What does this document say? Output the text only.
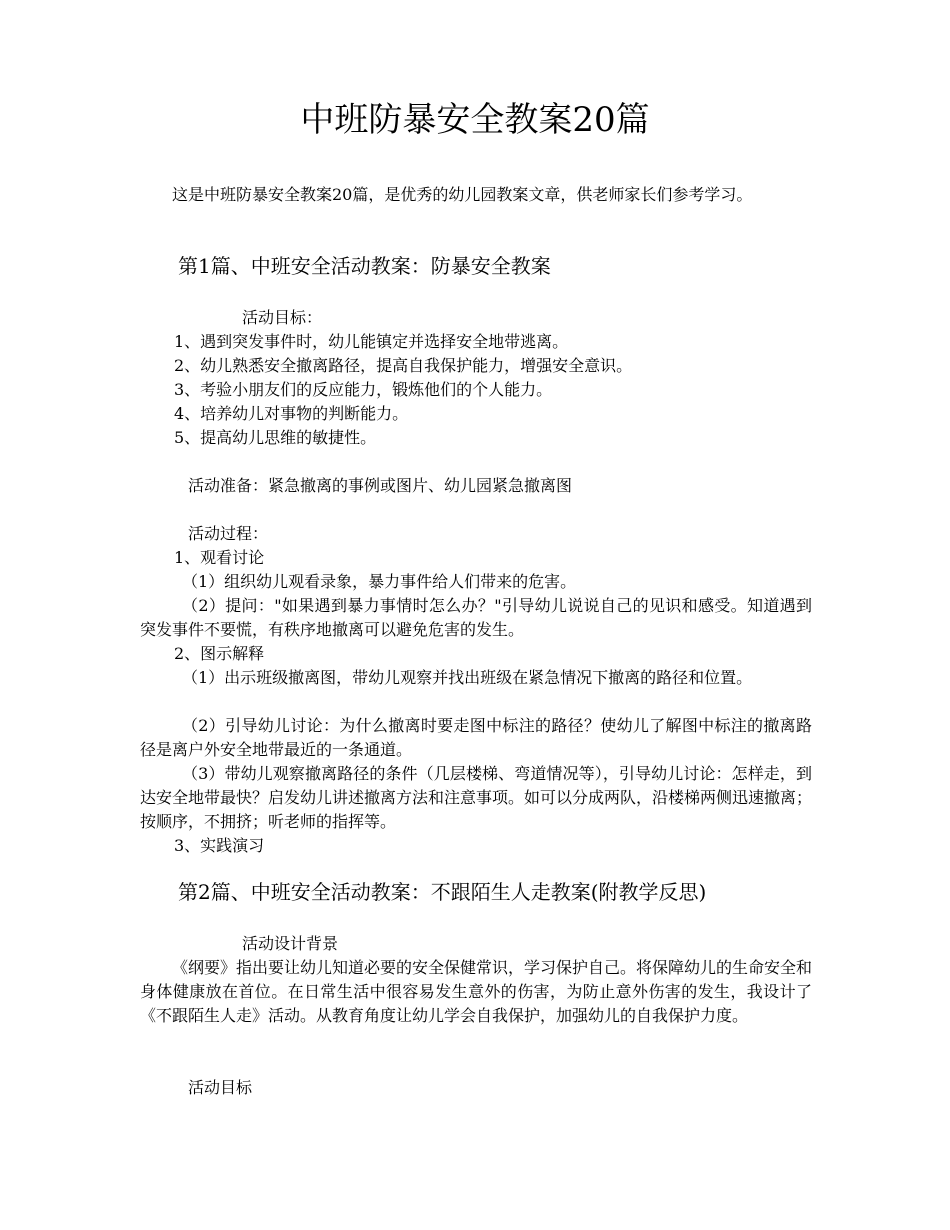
中班防暴安全教案20篇

这是中班防暴安全教案20篇，是优秀的幼儿园教案文章，供老师家长们参考学习。

第1篇、中班安全活动教案：防暴安全教案

活动目标：

1、遇到突发事件时，幼儿能镇定并选择安全地带逃离。

2、幼儿熟悉安全撤离路径，提高自我保护能力，增强安全意识。

3、考验小朋友们的反应能力，锻炼他们的个人能力。

4、培养幼儿对事物的判断能力。

5、提高幼儿思维的敏捷性。

活动准备：紧急撤离的事例或图片、幼儿园紧急撤离图

活动过程：

1、观看讨论

（1）组织幼儿观看录象，暴力事件给人们带来的危害。

（2）提问："如果遇到暴力事情时怎么办？"引导幼儿说说自己的见识和感受。知道遇到突发事件不要慌，有秩序地撤离可以避免危害的发生。

2、图示解释

（1）出示班级撤离图，带幼儿观察并找出班级在紧急情况下撤离的路径和位置。

（2）引导幼儿讨论：为什么撤离时要走图中标注的路径？使幼儿了解图中标注的撤离路径是离户外安全地带最近的一条通道。

（3）带幼儿观察撤离路径的条件（几层楼梯、弯道情况等），引导幼儿讨论：怎样走，到达安全地带最快？启发幼儿讲述撤离方法和注意事项。如可以分成两队，沿楼梯两侧迅速撤离；按顺序，不拥挤；听老师的指挥等。

3、实践演习

第2篇、中班安全活动教案：不跟陌生人走教案(附教学反思)

活动设计背景

《纲要》指出要让幼儿知道必要的安全保健常识，学习保护自己。将保障幼儿的生命安全和身体健康放在首位。在日常生活中很容易发生意外的伤害，为防止意外伤害的发生，我设计了《不跟陌生人走》活动。从教育角度让幼儿学会自我保护，加强幼儿的自我保护力度。

活动目标
